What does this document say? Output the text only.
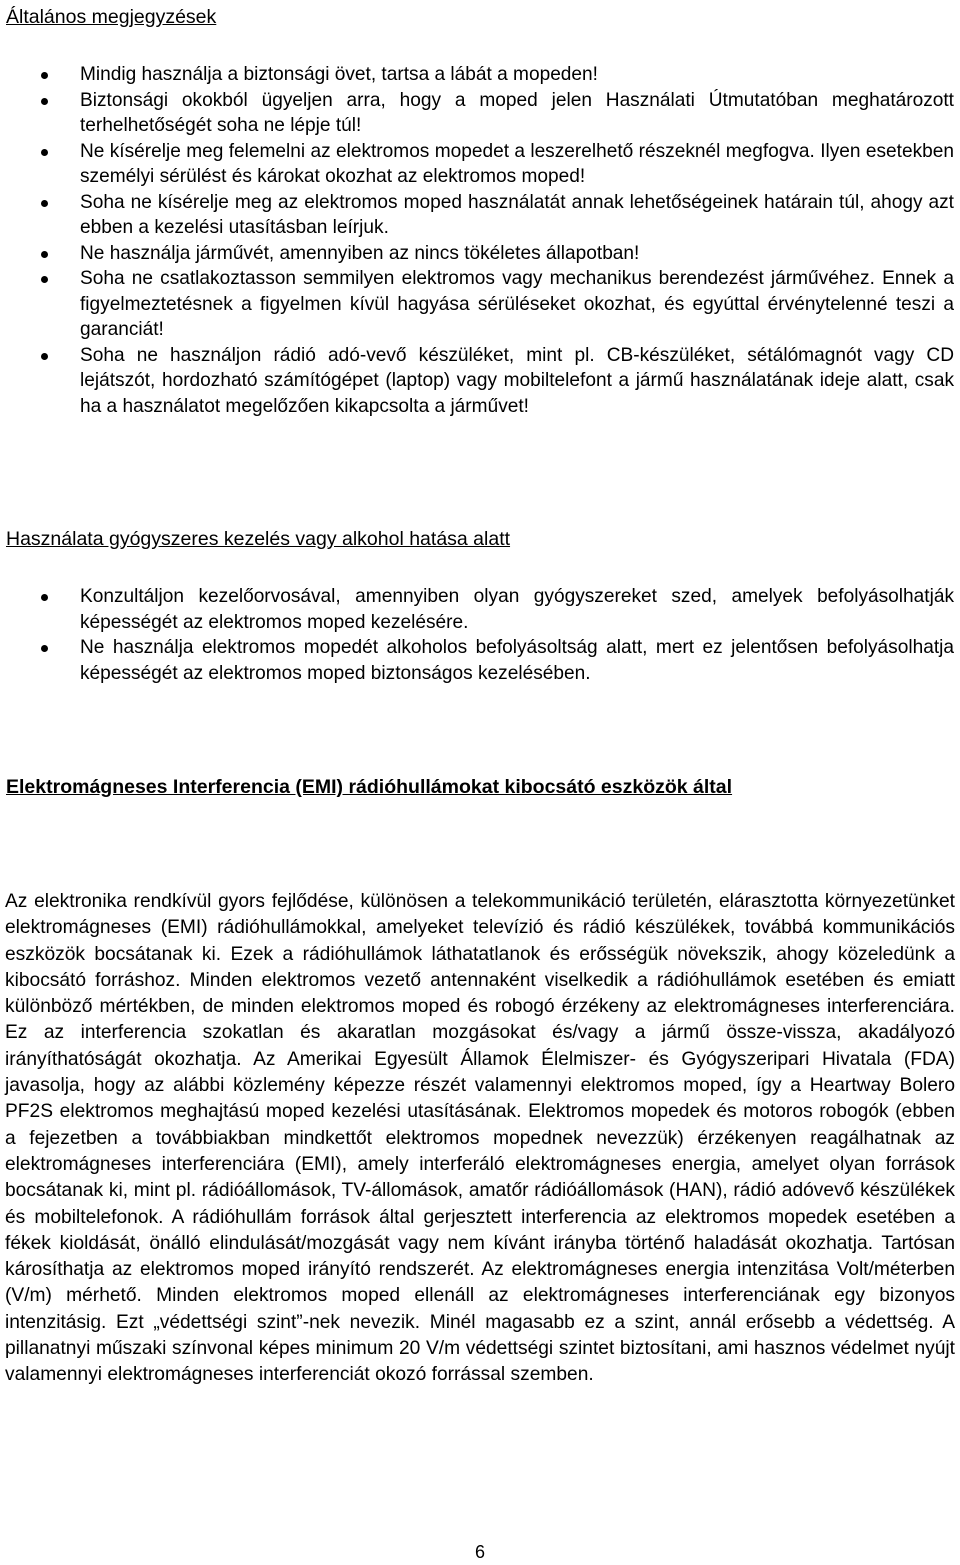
Általános megjegyzések
Mindig használja a biztonsági övet, tartsa a lábát a mopeden!
Biztonsági okokból ügyeljen arra, hogy a moped jelen Használati Útmutatóban meghatározott terhelhetőségét soha ne lépje túl!
Ne kísérelje meg felemelni az elektromos mopedet a leszerelhető részeknél megfogva. Ilyen esetekben személyi sérülést és károkat okozhat az elektromos moped!
Soha ne kísérelje meg az elektromos moped használatát annak lehetőségeinek határain túl, ahogy azt ebben a kezelési utasításban leírjuk.
Ne használja járművét, amennyiben az nincs tökéletes állapotban!
Soha ne csatlakoztasson semmilyen elektromos vagy mechanikus berendezést járművéhez. Ennek a figyelmeztetésnek a figyelmen kívül hagyása sérüléseket okozhat, és egyúttal érvénytelenné teszi a garanciát!
Soha ne használjon rádió adó-vevő készüléket, mint pl. CB-készüléket, sétálómagnót vagy CD lejátszót, hordozható számítógépet (laptop) vagy mobiltelefont a jármű használatának ideje alatt, csak ha a használatot megelőzően kikapcsolta a járművet!
Használata gyógyszeres kezelés vagy alkohol hatása alatt
Konzultáljon kezelőorvosával, amennyiben olyan gyógyszereket szed, amelyek befolyásolhatják képességét az elektromos moped kezelésére.
Ne használja elektromos mopedét alkoholos befolyásoltság alatt, mert ez jelentősen befolyásolhatja képességét az elektromos moped biztonságos kezelésében.
Elektromágneses Interferencia (EMI) rádióhullámokat kibocsátó eszközök által

Az elektronika rendkívül gyors fejlődése, különösen a telekommunikáció területén, elárasztotta környezetünket elektromágneses (EMI) rádióhullámokkal, amelyeket televízió és rádió készülékek, továbbá kommunikációs eszközök bocsátanak ki. Ezek a rádióhullámok láthatatlanok és erősségük növekszik, ahogy közeledünk a kibocsátó forráshoz. Minden elektromos vezető antennaként viselkedik a rádióhullámok esetében és emiatt különböző mértékben, de minden elektromos moped és robogó érzékeny az elektromágneses interferenciára. Ez az interferencia szokatlan és akaratlan mozgásokat és/vagy a jármű össze-vissza, akadályozó irányíthatóságát okozhatja. Az Amerikai Egyesült Államok Élelmiszer- és Gyógyszeripari Hivatala (FDA) javasolja, hogy az alábbi közlemény képezze részét valamennyi elektromos moped, így a Heartway Bolero PF2S elektromos meghajtású moped kezelési utasításának. Elektromos mopedek és motoros robogók (ebben a fejezetben a továbbiakban mindkettőt elektromos mopednek nevezzük) érzékenyen reagálhatnak az elektromágneses interferenciára (EMI), amely interferáló elektromágneses energia, amelyet olyan források bocsátanak ki, mint pl. rádióállomások, TV-állomások, amatőr rádióállomások (HAN), rádió adóvevő készülékek és mobiltelefonok. A rádióhullám források által gerjesztett interferencia az elektromos mopedek esetében a fékek kioldását, önálló elindulását/mozgását vagy nem kívánt irányba történő haladását okozhatja. Tartósan károsíthatja az elektromos moped irányító rendszerét. Az elektromágneses energia intenzitása Volt/méterben (V/m) mérhető. Minden elektromos moped ellenáll az elektromágneses interferenciának egy bizonyos intenzitásig. Ezt „védettségi szint”-nek nevezik. Minél magasabb ez a szint, annál erősebb a védettség. A pillanatnyi műszaki színvonal képes minimum 20 V/m védettségi szintet biztosítani, ami hasznos védelmet nyújt valamennyi elektromágneses interferenciát okozó forrással szemben.

6
